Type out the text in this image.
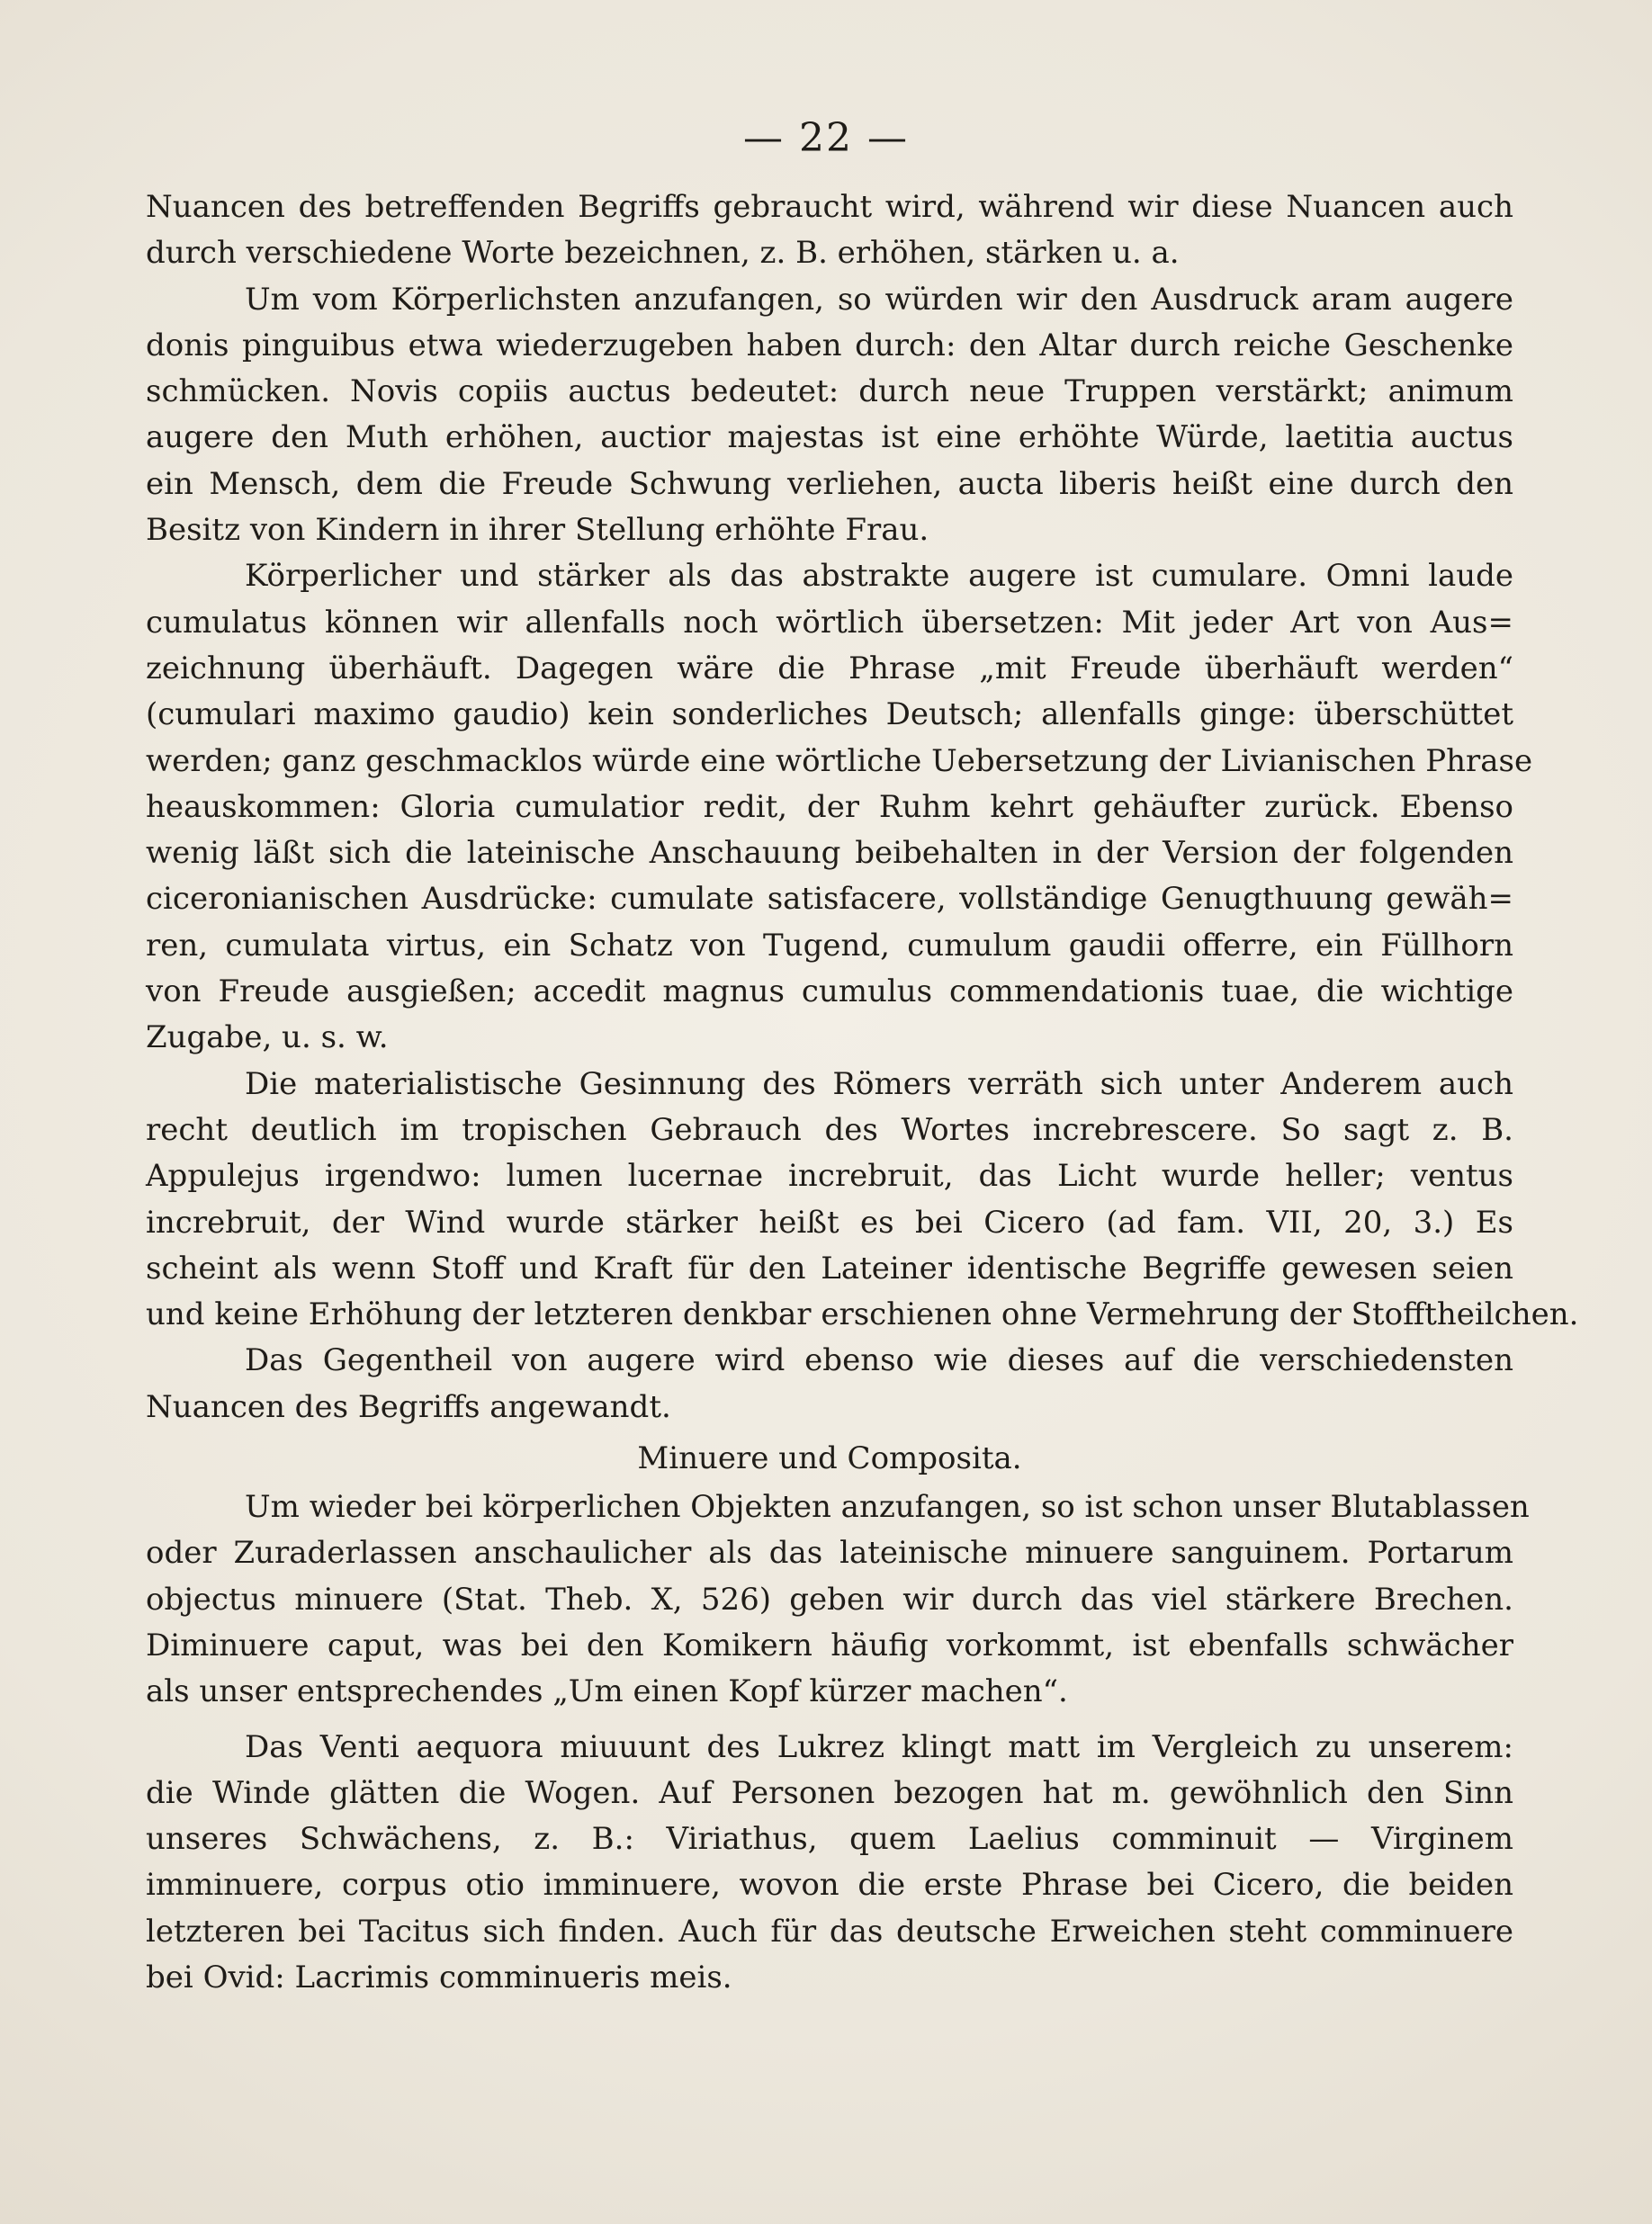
— 22 —
Nuancen des betreffenden Begriffs gebraucht wird, während wir diese Nuancen auch
durch verschiedene Worte bezeichnen, z. B. erhöhen, stärken u. a.
Um vom Körperlichsten anzufangen, so würden wir den Ausdruck aram augere
donis pinguibus etwa wiederzugeben haben durch: den Altar durch reiche Geschenke
schmücken. Novis copiis auctus bedeutet: durch neue Truppen verstärkt; animum
augere den Muth erhöhen, auctior majestas ist eine erhöhte Würde, laetitia auctus
ein Mensch, dem die Freude Schwung verliehen, aucta liberis heißt eine durch den
Besitz von Kindern in ihrer Stellung erhöhte Frau.
Körperlicher und stärker als das abstrakte augere ist cumulare. Omni laude
cumulatus können wir allenfalls noch wörtlich übersetzen: Mit jeder Art von Aus=
zeichnung überhäuft. Dagegen wäre die Phrase „mit Freude überhäuft werden“
(cumulari maximo gaudio) kein sonderliches Deutsch; allenfalls ginge: überschüttet
werden; ganz geschmacklos würde eine wörtliche Uebersetzung der Livianischen Phrase
heauskommen: Gloria cumulatior redit, der Ruhm kehrt gehäufter zurück. Ebenso
wenig läßt sich die lateinische Anschauung beibehalten in der Version der folgenden
ciceronianischen Ausdrücke: cumulate satisfacere, vollständige Genugthuung gewäh=
ren, cumulata virtus, ein Schatz von Tugend, cumulum gaudii offerre, ein Füllhorn
von Freude ausgießen; accedit magnus cumulus commendationis tuae, die wichtige
Zugabe, u. s. w.
Die materialistische Gesinnung des Römers verräth sich unter Anderem auch
recht deutlich im tropischen Gebrauch des Wortes increbrescere. So sagt z. B.
Appulejus irgendwo: lumen lucernae increbruit, das Licht wurde heller; ventus
increbruit, der Wind wurde stärker heißt es bei Cicero (ad fam. VII, 20, 3.) Es
scheint als wenn Stoff und Kraft für den Lateiner identische Begriffe gewesen seien
und keine Erhöhung der letzteren denkbar erschienen ohne Vermehrung der Stofftheilchen.
Das Gegentheil von augere wird ebenso wie dieses auf die verschiedensten
Nuancen des Begriffs angewandt.
Minuere und Composita.
Um wieder bei körperlichen Objekten anzufangen, so ist schon unser Blutablassen
oder Zuraderlassen anschaulicher als das lateinische minuere sanguinem. Portarum
objectus minuere (Stat. Theb. X, 526) geben wir durch das viel stärkere Brechen.
Diminuere caput, was bei den Komikern häufig vorkommt, ist ebenfalls schwächer
als unser entsprechendes „Um einen Kopf kürzer machen“.
Das Venti aequora miuuunt des Lukrez klingt matt im Vergleich zu unserem:
die Winde glätten die Wogen. Auf Personen bezogen hat m. gewöhnlich den Sinn
unseres Schwächens, z. B.: Viriathus, quem Laelius comminuit — Virginem
imminuere, corpus otio imminuere, wovon die erste Phrase bei Cicero, die beiden
letzteren bei Tacitus sich finden. Auch für das deutsche Erweichen steht comminuere
bei Ovid: Lacrimis comminueris meis.
